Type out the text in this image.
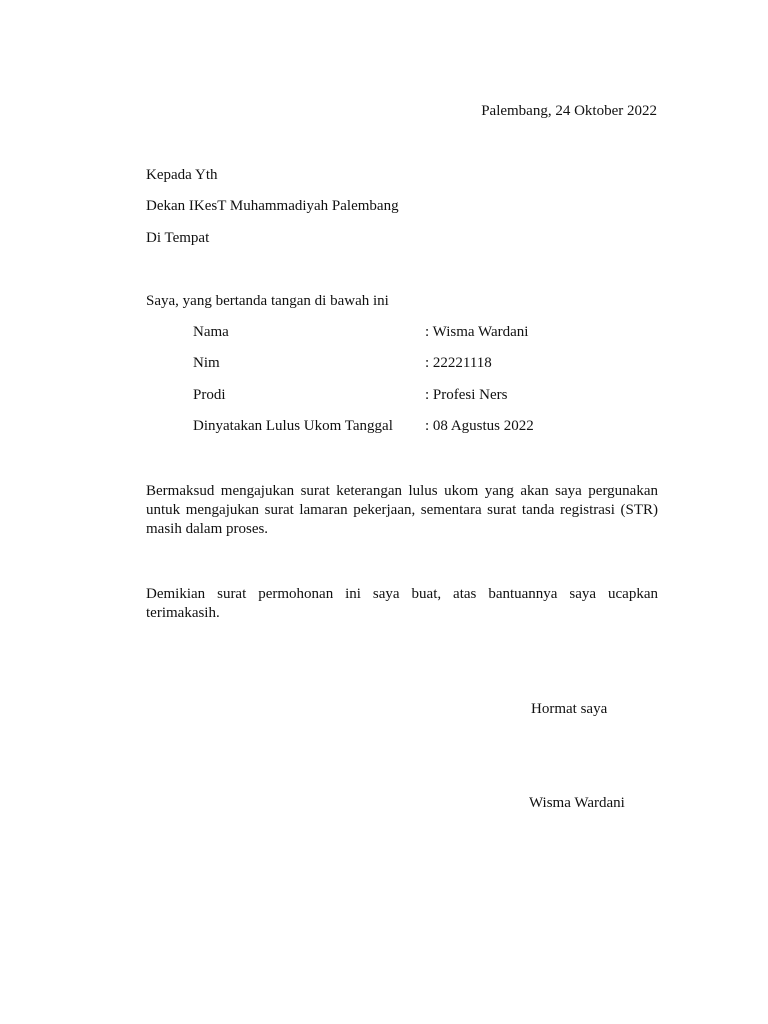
Palembang, 24 Oktober 2022
Kepada Yth
Dekan IKesT Muhammadiyah Palembang
Di Tempat
Saya, yang bertanda tangan di bawah ini
Nama	: Wisma Wardani
Nim	: 22221118
Prodi	: Profesi Ners
Dinyatakan Lulus Ukom Tanggal : 08 Agustus 2022
Bermaksud mengajukan surat keterangan lulus ukom yang akan saya pergunakan untuk mengajukan surat lamaran pekerjaan, sementara surat tanda registrasi (STR) masih dalam proses.
Demikian surat permohonan ini saya buat, atas bantuannya saya ucapkan terimakasih.
Hormat saya
Wisma Wardani
